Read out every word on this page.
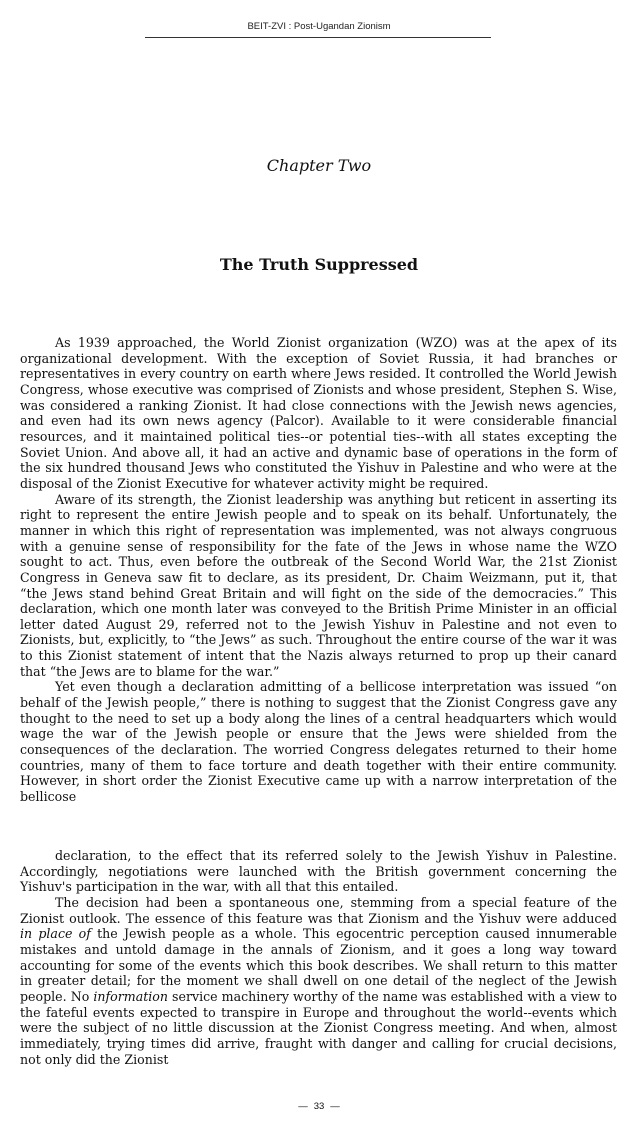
BEIT-ZVI : Post-Ugandan Zionism
Chapter Two
The Truth Suppressed

As 1939 approached, the World Zionist organization (WZO) was at the apex of its organizational development. With the exception of Soviet Russia, it had branches or representatives in every country on earth where Jews resided. It controlled the World Jewish Congress, whose executive was comprised of Zionists and whose president, Stephen S. Wise, was considered a ranking Zionist. It had close connections with the Jewish news agencies, and even had its own news agency (Palcor). Available to it were considerable financial resources, and it maintained political ties--or potential ties--with all states excepting the Soviet Union. And above all, it had an active and dynamic base of operations in the form of the six hundred thousand Jews who constituted the Yishuv in Palestine and who were at the disposal of the Zionist Executive for whatever activity might be required.

Aware of its strength, the Zionist leadership was anything but reticent in asserting its right to represent the entire Jewish people and to speak on its behalf. Unfortunately, the manner in which this right of representation was implemented, was not always congruous with a genuine sense of responsibility for the fate of the Jews in whose name the WZO sought to act. Thus, even before the outbreak of the Second World War, the 21st Zionist Congress in Geneva saw fit to declare, as its president, Dr. Chaim Weizmann, put it, that “the Jews stand behind Great Britain and will fight on the side of the democracies.” This declaration, which one month later was conveyed to the British Prime Minister in an official letter dated August 29, referred not to the Jewish Yishuv in Palestine and not even to Zionists, but, explicitly, to “the Jews” as such. Throughout the entire course of the war it was to this Zionist statement of intent that the Nazis always returned to prop up their canard that “the Jews are to blame for the war.”

Yet even though a declaration admitting of a bellicose interpretation was issued “on behalf of the Jewish people,” there is nothing to suggest that the Zionist Congress gave any thought to the need to set up a body along the lines of a central headquarters which would wage the war of the Jewish people or ensure that the Jews were shielded from the consequences of the declaration. The worried Congress delegates returned to their home countries, many of them to face torture and death together with their entire community. However, in short order the Zionist Executive came up with a narrow interpretation of the bellicose

declaration, to the effect that its referred solely to the Jewish Yishuv in Palestine. Accordingly, negotiations were launched with the British government concerning the Yishuv's participation in the war, with all that this entailed.

The decision had been a spontaneous one, stemming from a special feature of the Zionist outlook. The essence of this feature was that Zionism and the Yishuv were adduced in place of the Jewish people as a whole. This egocentric perception caused innumerable mistakes and untold damage in the annals of Zionism, and it goes a long way toward accounting for some of the events which this book describes. We shall return to this matter in greater detail; for the moment we shall dwell on one detail of the neglect of the Jewish people. No information service machinery worthy of the name was established with a view to the fateful events expected to transpire in Europe and throughout the world--events which were the subject of no little discussion at the Zionist Congress meeting. And when, almost immediately, trying times did arrive, fraught with danger and calling for crucial decisions, not only did the Zionist

— 33 —
